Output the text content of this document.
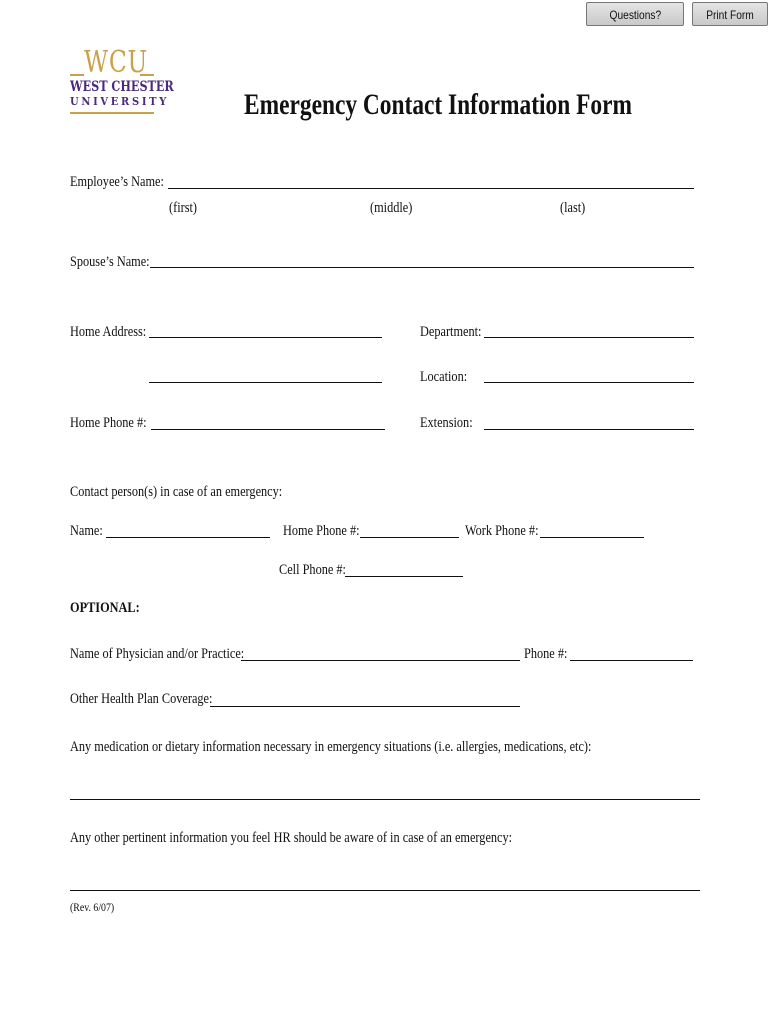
Questions?	Print Form
WCU
WEST CHESTER
UNIVERSITY	Emergency Contact Information Form
Employee’s Name:
(first)	(middle)	(last)
Spouse’s Name:
Home Address:	Department:
Location:
Home Phone #:	Extension:
Contact person(s) in case of an emergency:
Name:	Home Phone #:	Work Phone #:
Cell Phone #:
OPTIONAL:
Name of Physician and/or Practice:	Phone #:
Other Health Plan Coverage:
Any medication or dietary information necessary in emergency situations (i.e. allergies, medications, etc):
Any other pertinent information you feel HR should be aware of in case of an emergency:
(Rev. 6/07)
